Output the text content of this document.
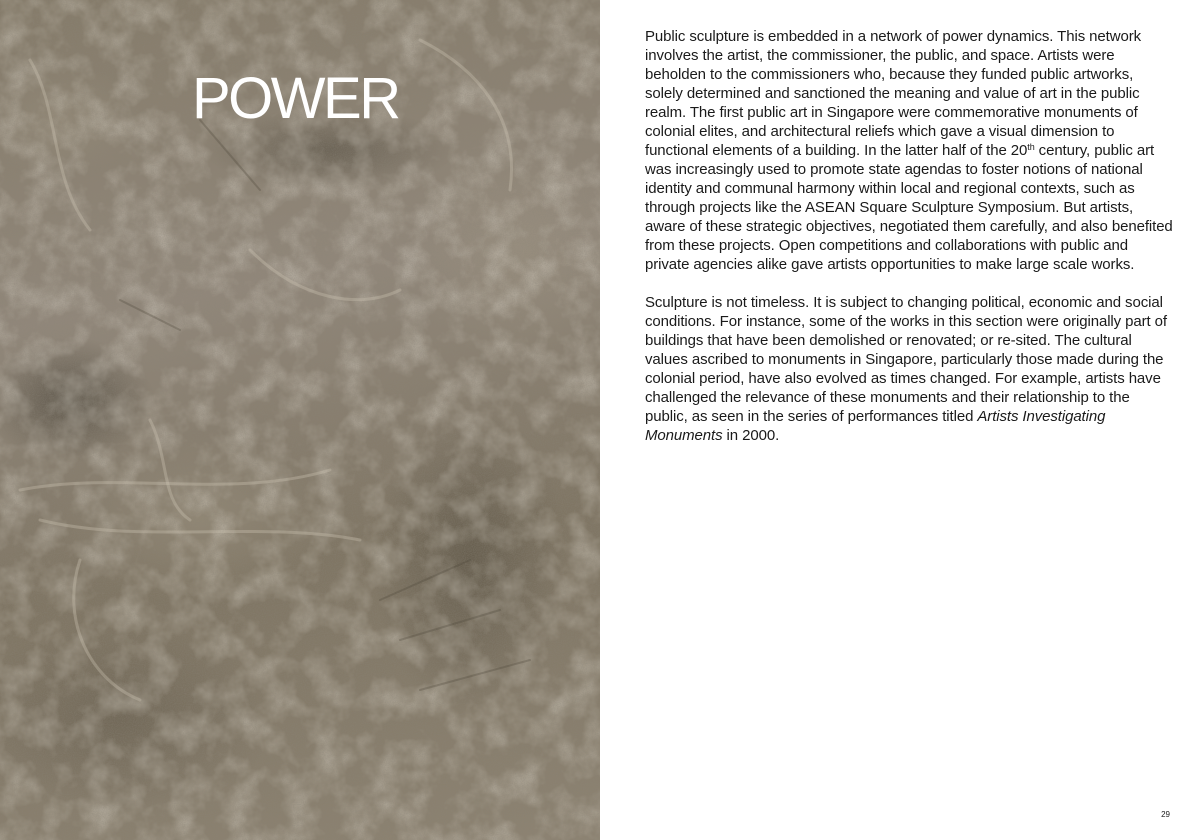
POWER

Public sculpture is embedded in a network of power dynamics. This network involves the artist, the commissioner, the public, and space. Artists were beholden to the commissioners who, because they funded public artworks, solely determined and sanctioned the meaning and value of art in the public realm. The first public art in Singapore were commemorative monuments of colonial elites, and architectural reliefs which gave a visual dimension to functional elements of a building. In the latter half of the 20th century, public art was increasingly used to promote state agendas to foster notions of national identity and communal harmony within local and regional contexts, such as through projects like the ASEAN Square Sculpture Symposium. But artists, aware of these strategic objectives, negotiated them carefully, and also benefited from these projects. Open competitions and collaborations with public and private agencies alike gave artists opportunities to make large scale works.

Sculpture is not timeless. It is subject to changing political, economic and social conditions. For instance, some of the works in this section were originally part of buildings that have been demolished or renovated; or re-sited. The cultural values ascribed to monuments in Singapore, particularly those made during the colonial period, have also evolved as times changed. For example, artists have challenged the relevance of these monuments and their relationship to the public, as seen in the series of performances titled Artists Investigating Monuments in 2000.

29
